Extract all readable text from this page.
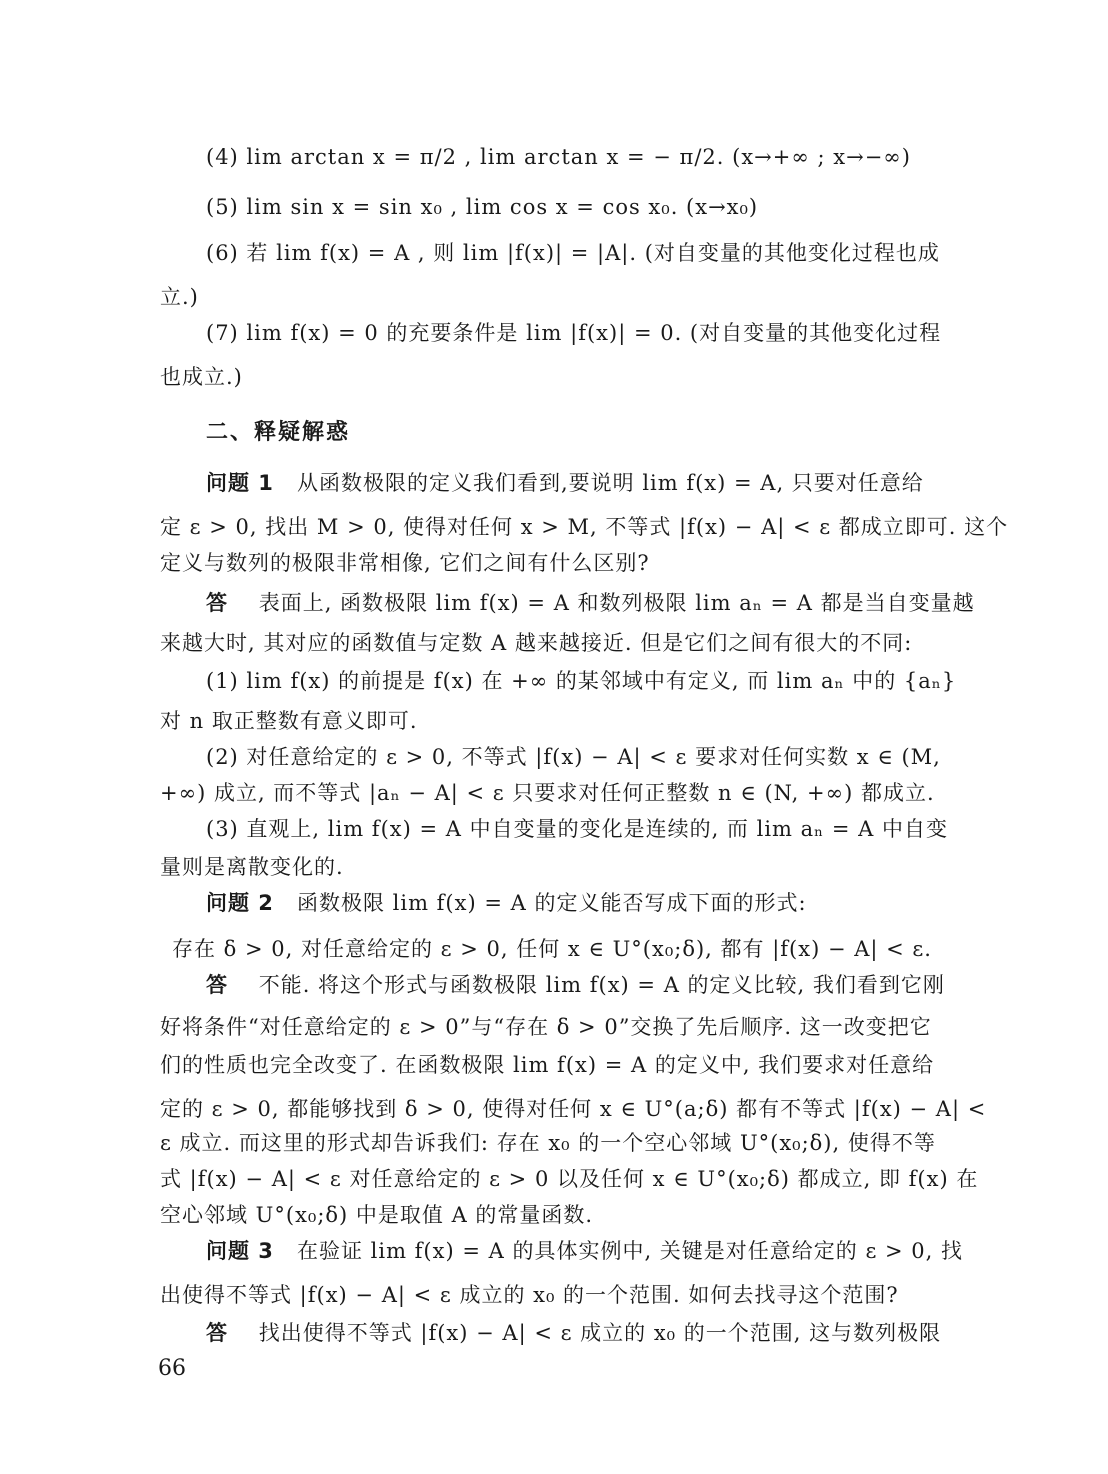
(4) lim arctan x = π/2 , lim arctan x = − π/2. (x→+∞ ; x→−∞)
(5) lim sin x = sin x₀ , lim cos x = cos x₀. (x→x₀)
(6) 若 lim f(x) = A , 则 lim |f(x)| = |A|. (对自变量的其他变化过程也成
立.)
(7) lim f(x) = 0 的充要条件是 lim |f(x)| = 0. (对自变量的其他变化过程
也成立.)
二、释疑解惑
问题 1 从函数极限的定义我们看到,要说明 lim f(x) = A, 只要对任意给
定 ε > 0, 找出 M > 0, 使得对任何 x > M, 不等式 |f(x) − A| < ε 都成立即可. 这个
定义与数列的极限非常相像, 它们之间有什么区别?
答 表面上, 函数极限 lim f(x) = A 和数列极限 lim aₙ = A 都是当自变量越
来越大时, 其对应的函数值与定数 A 越来越接近. 但是它们之间有很大的不同:
(1) lim f(x) 的前提是 f(x) 在 +∞ 的某邻域中有定义, 而 lim aₙ 中的 {aₙ}
对 n 取正整数有意义即可.
(2) 对任意给定的 ε > 0, 不等式 |f(x) − A| < ε 要求对任何实数 x ∈ (M,
+∞) 成立, 而不等式 |aₙ − A| < ε 只要求对任何正整数 n ∈ (N, +∞) 都成立.
(3) 直观上, lim f(x) = A 中自变量的变化是连续的, 而 lim aₙ = A 中自变
量则是离散变化的.
问题 2 函数极限 lim f(x) = A 的定义能否写成下面的形式:
存在 δ > 0, 对任意给定的 ε > 0, 任何 x ∈ U°(x₀;δ), 都有 |f(x) − A| < ε.
答 不能. 将这个形式与函数极限 lim f(x) = A 的定义比较, 我们看到它刚
好将条件“对任意给定的 ε > 0”与“存在 δ > 0”交换了先后顺序. 这一改变把它
们的性质也完全改变了. 在函数极限 lim f(x) = A 的定义中, 我们要求对任意给
定的 ε > 0, 都能够找到 δ > 0, 使得对任何 x ∈ U°(a;δ) 都有不等式 |f(x) − A| <
ε 成立. 而这里的形式却告诉我们: 存在 x₀ 的一个空心邻域 U°(x₀;δ), 使得不等
式 |f(x) − A| < ε 对任意给定的 ε > 0 以及任何 x ∈ U°(x₀;δ) 都成立, 即 f(x) 在
空心邻域 U°(x₀;δ) 中是取值 A 的常量函数.
问题 3 在验证 lim f(x) = A 的具体实例中, 关键是对任意给定的 ε > 0, 找
出使得不等式 |f(x) − A| < ε 成立的 x₀ 的一个范围. 如何去找寻这个范围?
答 找出使得不等式 |f(x) − A| < ε 成立的 x₀ 的一个范围, 这与数列极限
66
